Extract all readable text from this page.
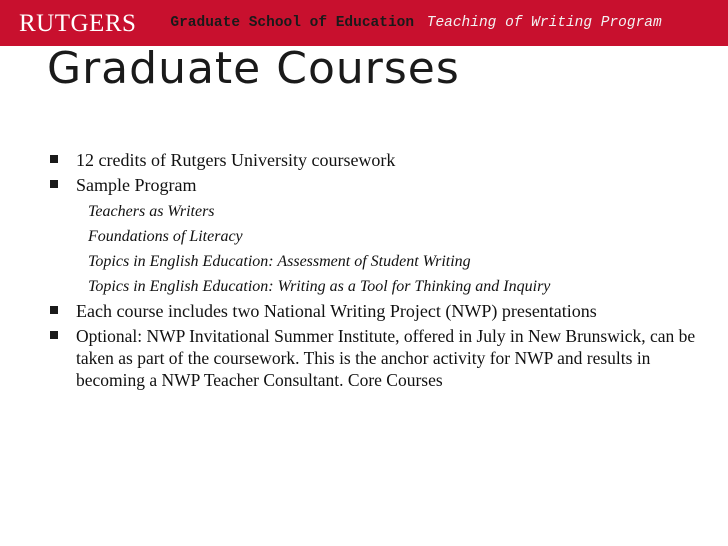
RUTGERS Graduate School of Education Teaching of Writing Program
Graduate Courses
12 credits of Rutgers University coursework
Sample Program
Teachers as Writers
Foundations of Literacy
Topics in English Education: Assessment of Student Writing
Topics in English Education: Writing as a Tool for Thinking and Inquiry
Each course includes two National Writing Project (NWP) presentations
Optional: NWP Invitational Summer Institute, offered in July in New Brunswick, can be taken as part of the coursework. This is the anchor activity for NWP and results in becoming a NWP Teacher Consultant. Core Courses
